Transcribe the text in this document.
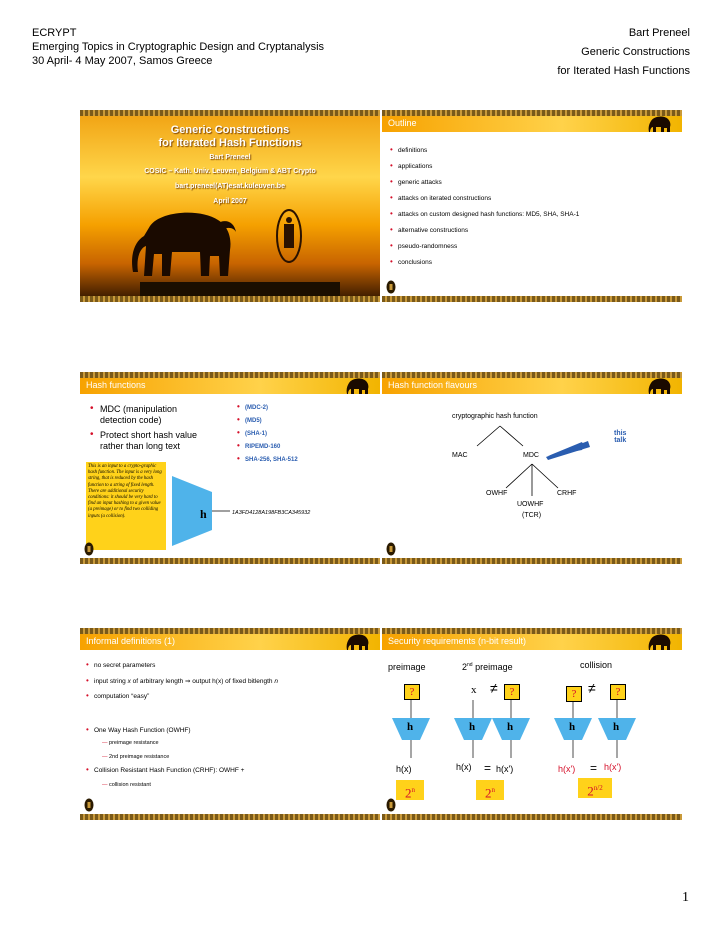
ECRYPT
Emerging Topics in Cryptographic Design and Cryptanalysis
30 April- 4 May 2007, Samos Greece
Bart Preneel
Generic Constructions
for Iterated Hash Functions
Generic Constructions
for Iterated Hash Functions
Bart Preneel
COSIC – Kath. Univ. Leuven, Belgium & ABT Crypto
bart.preneel(AT)esat.kuleuven.be
April 2007
Outline
• definitions
• applications
• generic attacks
• attacks on iterated constructions
• attacks on custom designed hash functions: MD5, SHA, SHA-1
• alternative constructions
• pseudo-randomness
• conclusions
Hash functions
• MDC (manipulation
detection code)
• Protect short hash value
rather than long text
• (MDC-2)
• (MD5)
• (SHA-1)
• RIPEMD-160
• SHA-256, SHA-512
This is an input to a crypto-graphic hash function. The input is a very long string, that is reduced by the hash function to a string of fixed length. There are additional security conditions: it should be very hard to find an input hashing to a given value (a preimage) or to find two colliding inputs (a collision).	h	1A3FD4128A198FB3CA345932
Hash function flavours
cryptographic hash function
MAC	MDC
OWHF	CRHF
UOWHF
(TCR)
this
talk
Informal definitions (1)
• no secret parameters
• input string x of arbitrary length ⇒ output h(x) of fixed bitlength n
• computation “easy”
• One Way Hash Function (OWHF)
— preimage resistance
— 2nd preimage resistance
• Collision Resistant Hash Function (CRHF): OWHF +
— collision resistant
Security requirements (n-bit result)
preimage	2nd preimage	collision
?	x ≠	?	? ≠	?
h	h	h	h	h
h(x)	h(x) = h(x')	h(x') = h(x')
2$^n$	2$^n$	$2^{n/2}$
1
